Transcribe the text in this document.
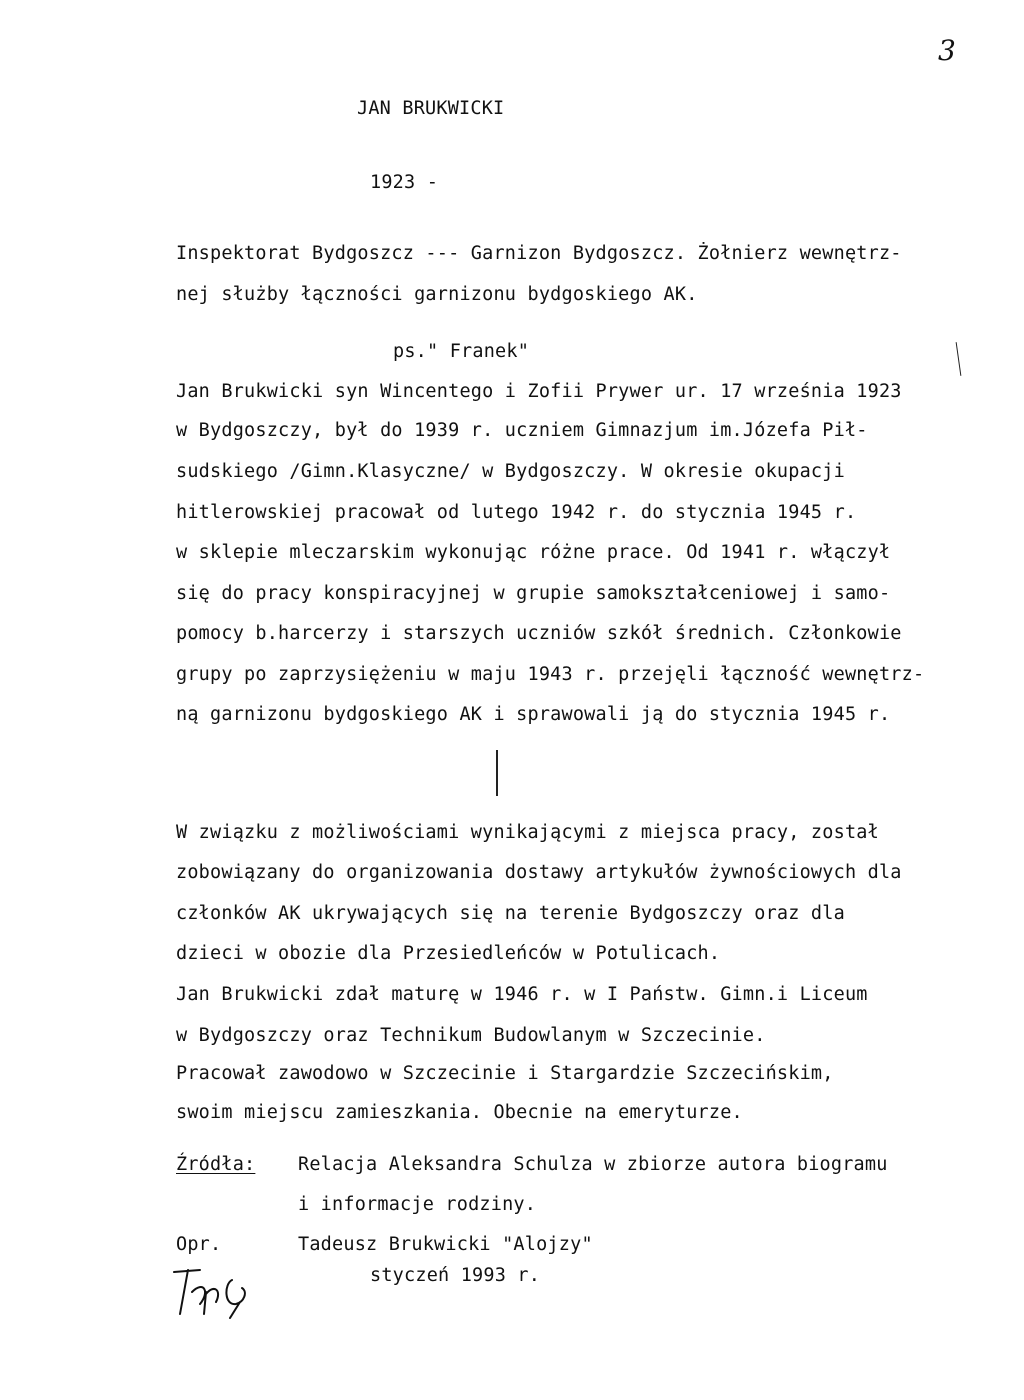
3
JAN BRUKWICKI
1923 -
Inspektorat Bydgoszcz --- Garnizon Bydgoszcz. Żołnierz wewnętrz-
nej służby łączności garnizonu bydgoskiego AK.
ps." Franek"
Jan Brukwicki syn Wincentego i Zofii Prywer ur. 17 września 1923
w Bydgoszczy, był do 1939 r. uczniem Gimnazjum im.Józefa Pił-
sudskiego /Gimn.Klasyczne/ w Bydgoszczy. W okresie okupacji
hitlerowskiej pracował od lutego 1942 r. do stycznia 1945 r.
w sklepie mleczarskim wykonując różne prace. Od 1941 r. włączył
się do pracy konspiracyjnej w grupie samokształceniowej i samo-
pomocy b.harcerzy i starszych uczniów szkół średnich. Członkowie
grupy po zaprzysiężeniu w maju 1943 r. przejęli łączność wewnętrz-
ną garnizonu bydgoskiego AK i sprawowali ją do stycznia 1945 r.
W związku z możliwościami wynikającymi z miejsca pracy, został
zobowiązany do organizowania dostawy artykułów żywnościowych dla
członków AK ukrywających się na terenie Bydgoszczy oraz dla
dzieci w obozie dla Przesiedleńców w Potulicach.
Jan Brukwicki zdał maturę w 1946 r. w I Państw. Gimn.i Liceum
w Bydgoszczy oraz Technikum Budowlanym w Szczecinie.
Pracował zawodowo w Szczecinie i Stargardzie Szczecińskim,
swoim miejscu zamieszkania. Obecnie na emeryturze.
Źródła: Relacja Aleksandra Schulza w zbiorze autora biogramu
i informacje rodziny.
Opr.	Tadeusz Brukwicki "Alojzy"
styczeń 1993 r.
